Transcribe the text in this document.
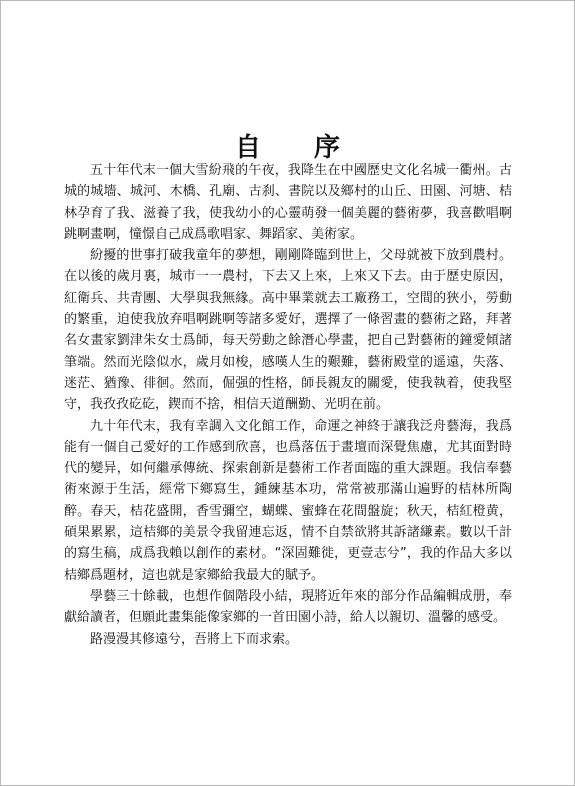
自 序

五十年代末一個大雪紛飛的午夜，我降生在中國歷史文化名城一衢州。古城的城墻、城河、木橋、孔廟、古刹、書院以及鄉村的山丘、田園、河塘、桔林孕育了我、滋養了我，使我幼小的心靈萌發一個美麗的藝術夢，我喜歡唱啊跳啊畫啊，憧憬自己成爲歌唱家、舞蹈家、美術家。

紛擾的世事打破我童年的夢想，剛剛降臨到世上，父母就被下放到農村。在以後的歲月裏，城市一一農村，下去又上來，上來又下去。由于歷史原因，紅衛兵、共青團、大學與我無緣。高中畢業就去工廠務工，空間的狹小，勞動的繁重，迫使我放弃唱啊跳啊等諸多愛好，選擇了一條習畫的藝術之路，拜著名女畫家劉津朱女士爲師，每天勞動之餘潛心學畫，把自己對藝術的鐘愛傾諸筆端。然而光陰似水，歲月如梭，感嘆人生的艱難，藝術殿堂的遥遠，失落、迷茫、猶豫、徘徊。然而，倔强的性格，師長親友的關愛，使我執着，使我堅守，我孜孜矻矻，鍥而不捨，相信天道酬勤、光明在前。

九十年代末，我有幸調入文化館工作，命運之神終于讓我泛舟藝海，我爲能有一個自己愛好的工作感到欣喜，也爲落伍于畫壇而深覺焦慮，尤其面對時代的變异，如何繼承傳統、探索創新是藝術工作者面臨的重大課題。我信奉藝術來源于生活，經常下鄉寫生，鍾練基本功，常常被那滿山遍野的桔林所陶醉。春天，桔花盛開，香雪彌空，蝴蝶、蜜蜂在花間盤旋；秋天，桔紅橙黄，碩果累累，這桔鄉的美景令我留連忘返，情不自禁欲將其訴諸縑素。數以千計的寫生稿，成爲我賴以創作的素材。“深固難徙，更壹志兮”，我的作品大多以桔鄉爲題材，這也就是家鄉給我最大的賦予。

學藝三十餘載，也想作個階段小結，現將近年來的部分作品編輯成册，奉獻給讀者，但願此畫集能像家鄉的一首田園小詩，給人以親切、溫馨的感受。

路漫漫其修遠兮，吾將上下而求索。
